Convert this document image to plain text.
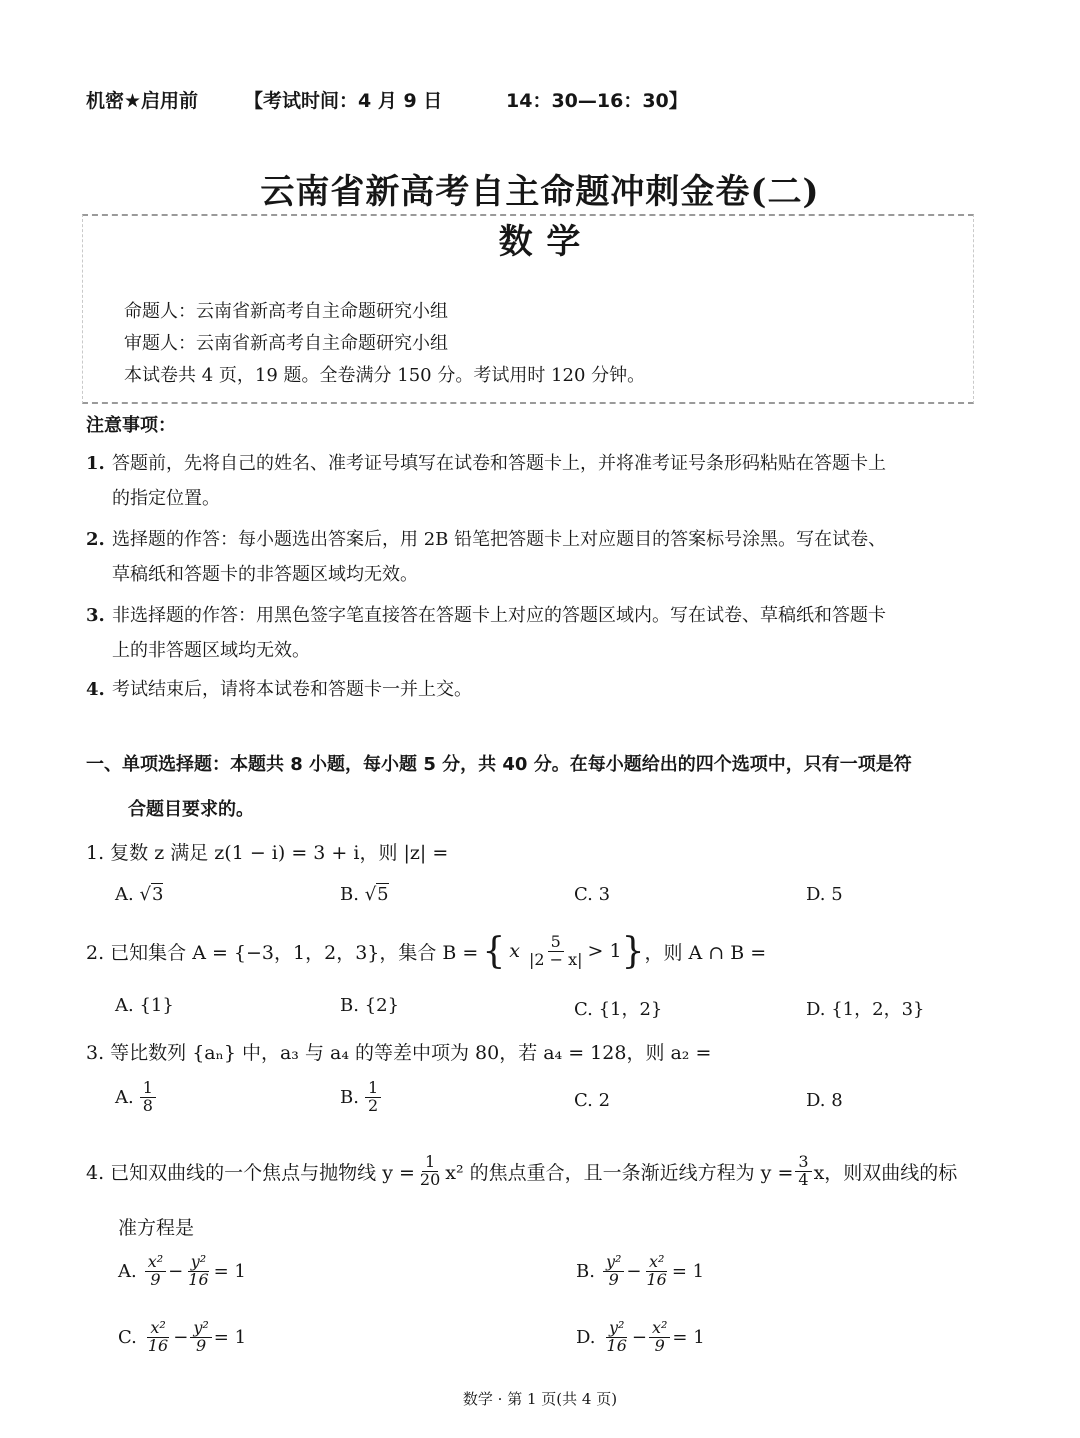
机密★启用前 【考试时间：4 月 9 日	14：30—16：30】
云南省新高考自主命题冲刺金卷(二)
数 学
命题人：云南省新高考自主命题研究小组
审题人：云南省新高考自主命题研究小组
本试卷共 4 页，19 题。全卷满分 150 分。考试用时 120 分钟。
注意事项：
1. 答题前，先将自己的姓名、准考证号填写在试卷和答题卡上，并将准考证号条形码粘贴在答题卡上
的指定位置。
2. 选择题的作答：每小题选出答案后，用 2B 铅笔把答题卡上对应题目的答案标号涂黑。写在试卷、
草稿纸和答题卡的非答题区域均无效。
3. 非选择题的作答：用黑色签字笔直接答在答题卡上对应的答题区域内。写在试卷、草稿纸和答题卡
上的非答题区域均无效。
4. 考试结束后，请将本试卷和答题卡一并上交。
一、单项选择题：本题共 8 小题，每小题 5 分，共 40 分。在每小题给出的四个选项中，只有一项是符
合题目要求的。
1. 复数 z 满足 z(1 − i) = 3 + i，则 |z| =
A. √3	B. √5	C. 3	D. 5
2. 已知集合 A = {−3，1，2，3}，集合 B = { x $\frac{5}{|2 - x|} > 1$ } ，则 A ∩ B =
A. {1}	B. {2}	C. {1，2}	D. {1，2，3}
3. 等比数列 {aₙ} 中，a₃ 与 a₄ 的等差中项为 80，若 a₄ = 128，则 a₂ =
A. $\frac{1}{8}$	B. $\frac{1}{2}$	C. 2	D. 8
4. 已知双曲线的一个焦点与抛物线 $y = \frac{1}{20} x^2$ 的焦点重合，且一条渐近线方程为 $y = \frac{3}{4}$ x，则双曲线的标
准方程是
A. $\frac{\text{x²}}{9} - \frac{\text{y²}}{16} = 1$	B. $\frac{\text{y²}}{9} - \frac{\text{x²}}{16} = 1$
C. $\frac{\text{x²}}{16} - \frac{\text{y²}}{9} = 1$	D. $\frac{\text{y²}}{16} - \frac{\text{x²}}{9} = 1$
数学 · 第 1 页(共 4 页)
